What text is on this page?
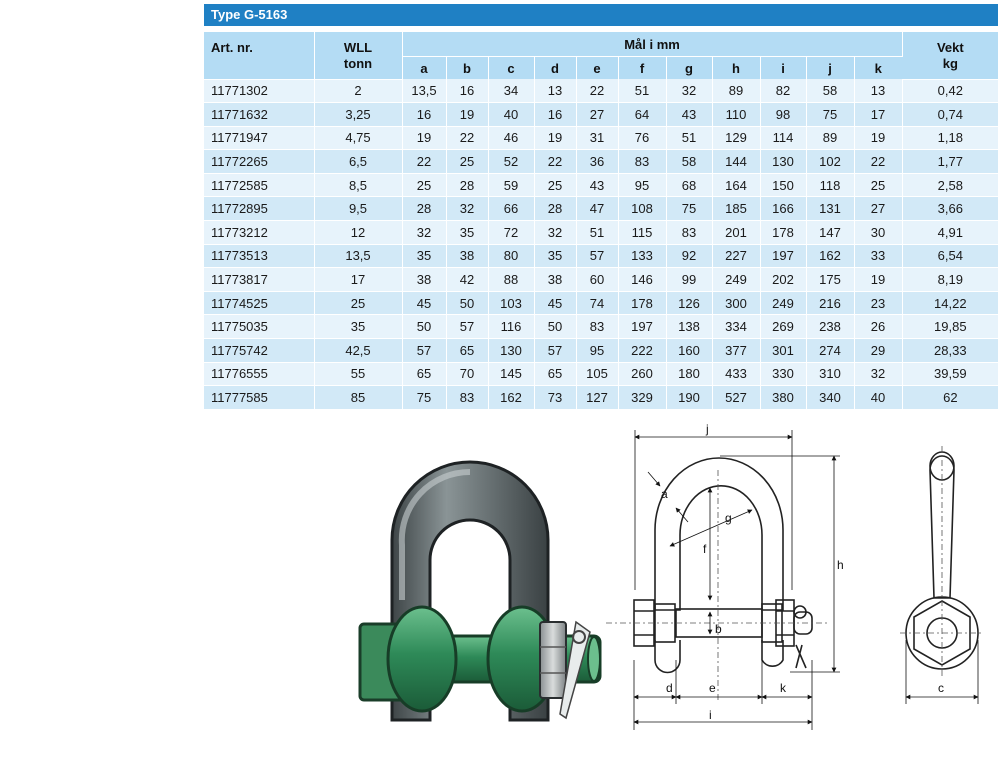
Type G-5163
Art. nr.	WLL
tonn	Mål i mm											Vekt
kg
		a	b	c	d	e	f	g	h	i	j	k	
11771302	2	13,5	16	34	13	22	51	32	89	82	58	13	0,42
11771632	3,25	16	19	40	16	27	64	43	110	98	75	17	0,74
11771947	4,75	19	22	46	19	31	76	51	129	114	89	19	1,18
11772265	6,5	22	25	52	22	36	83	58	144	130	102	22	1,77
11772585	8,5	25	28	59	25	43	95	68	164	150	118	25	2,58
11772895	9,5	28	32	66	28	47	108	75	185	166	131	27	3,66
11773212	12	32	35	72	32	51	115	83	201	178	147	30	4,91
11773513	13,5	35	38	80	35	57	133	92	227	197	162	33	6,54
11773817	17	38	42	88	38	60	146	99	249	202	175	19	8,19
11774525	25	45	50	103	45	74	178	126	300	249	216	23	14,22
11775035	35	50	57	116	50	83	197	138	334	269	238	26	19,85
11775742	42,5	57	65	130	57	95	222	160	377	301	274	29	28,33
11776555	55	65	70	145	65	105	260	180	433	330	310	32	39,59
11777585	85	75	83	162	73	127	329	190	527	380	340	40	62
j
a
g
f
b
h
d	e	k
i
c
